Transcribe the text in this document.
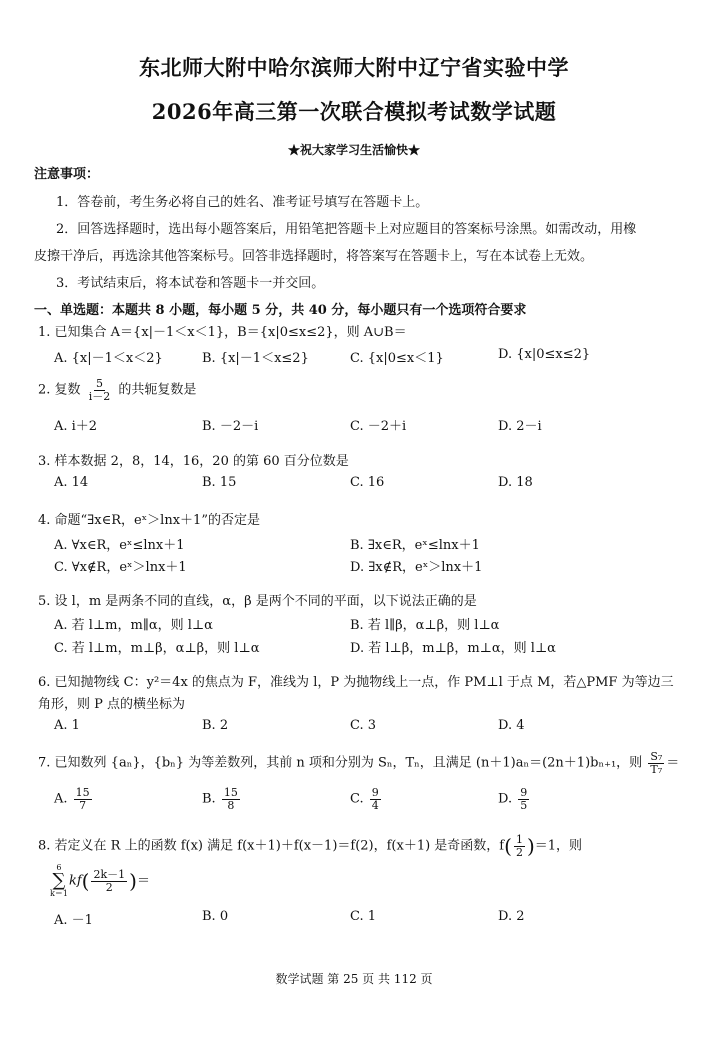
东北师大附中哈尔滨师大附中辽宁省实验中学
2026年高三第一次联合模拟考试数学试题
★祝大家学习生活愉快★
注意事项：
1．答卷前，考生务必将自己的姓名、准考证号填写在答题卡上。
2．回答选择题时，选出每小题答案后，用铅笔把答题卡上对应题目的答案标号涂黑。如需改动，用橡
皮擦干净后，再选涂其他答案标号。回答非选择题时，将答案写在答题卡上，写在本试卷上无效。
3．考试结束后，将本试卷和答题卡一并交回。
一、单选题：本题共 8 小题，每小题 5 分，共 40 分，每小题只有一个选项符合要求
1. 已知集合 A＝{x|－1＜x＜1}，B＝{x|0≤x≤2}，则 A∪B＝
A. {x|－1＜x＜2}	B. {x|－1＜x≤2}	C. {x|0≤x＜1}	D. {x|0≤x≤2}
2. 复数 $\frac{5}{i-2}$ 的共轭复数是
A. i＋2	B. －2－i	C. －2＋i	D. 2－i
3. 样本数据 2，8，14，16，20 的第 60 百分位数是
A. 14	B. 15	C. 16	D. 18
4. 命题“∃x∈R，eˣ＞lnx＋1”的否定是
A. ∀x∈R，eˣ≤lnx＋1	B. ∃x∈R，eˣ≤lnx＋1
C. ∀x∉R，eˣ＞lnx＋1	D. ∃x∉R，eˣ＞lnx＋1
5. 设 l，m 是两条不同的直线，α，β 是两个不同的平面，以下说法正确的是
A. 若 l⊥m，m∥α，则 l⊥α	B. 若 l∥β，α⊥β，则 l⊥α
C. 若 l⊥m，m⊥β，α⊥β，则 l⊥α	D. 若 l⊥β，m⊥β，m⊥α，则 l⊥α
6. 已知抛物线 C：y²＝4x 的焦点为 F，准线为 l，P 为抛物线上一点，作 PM⊥l 于点 M，若△PMF 为等边三
角形，则 P 点的横坐标为
A. 1	B. 2	C. 3	D. 4
7. 已知数列 {aₙ}，{bₙ} 为等差数列，其前 n 项和分别为 Sₙ，Tₙ，且满足 (n＋1)aₙ＝(2n＋1)bₙ₊₁，则 $\frac{\text{S₇}}{\text{T₇}}$ ＝
A. $\frac{15}{7}$	B. $\frac{15}{8}$	C. $\frac{9}{4}$	D. $\frac{9}{5}$
8. 若定义在 R 上的函数 f(x) 满足 f(x＋1)＋f(x－1)＝f(2)，f(x＋1) 是奇函数，$f( \frac{1}{2} )=1$，则
6
∑
k＝1
$kf( \frac{2k-1}{2}$ )＝
A. －1	B. 0	C. 1	D. 2
数学试题 第 25 页 共 112 页
